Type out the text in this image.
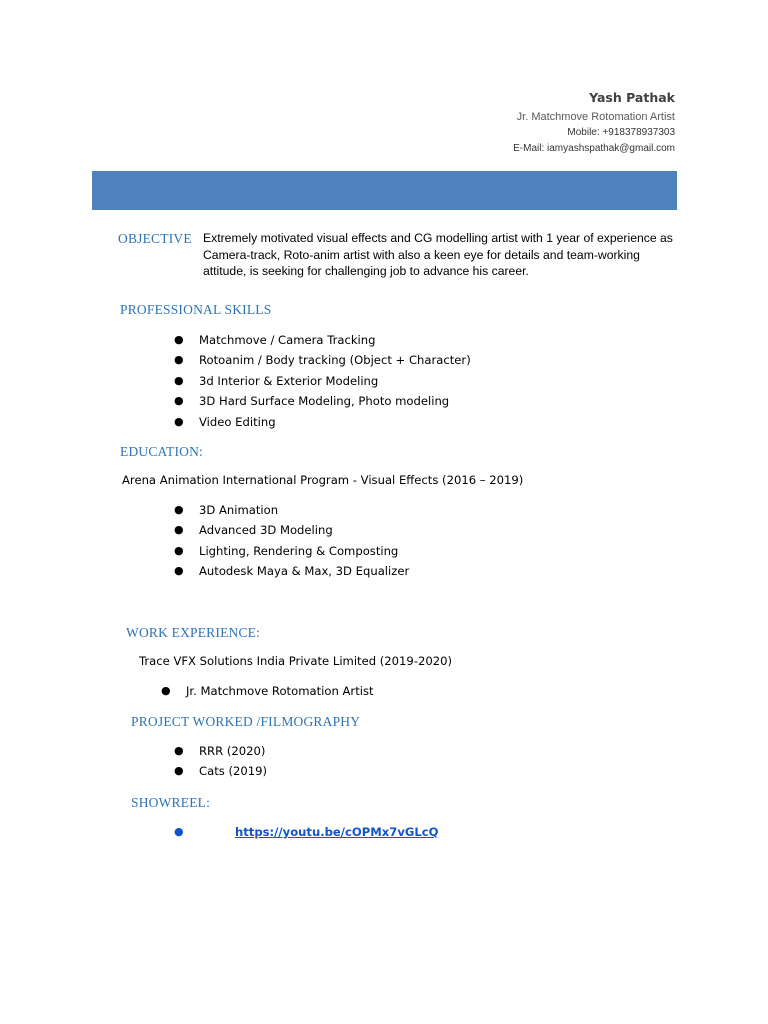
Yash Pathak
Jr. Matchmove Rotomation Artist
Mobile: +918378937303
E-Mail: iamyashspathak@gmail.com
OBJECTIVE Extremely motivated visual effects and CG modelling artist with 1 year of experience as Camera-track, Roto-anim artist with also a keen eye for details and team-working attitude, is seeking for challenging job to advance his career.
PROFESSIONAL SKILLS
● Matchmove / Camera Tracking
● Rotoanim / Body tracking (Object + Character)
● 3d Interior & Exterior Modeling
● 3D Hard Surface Modeling, Photo modeling
● Video Editing
EDUCATION:
Arena Animation International Program - Visual Effects (2016 – 2019)
● 3D Animation
● Advanced 3D Modeling
● Lighting, Rendering & Composting
● Autodesk Maya & Max, 3D Equalizer
WORK EXPERIENCE:
Trace VFX Solutions India Private Limited (2019-2020)
● Jr. Matchmove Rotomation Artist
PROJECT WORKED /FILMOGRAPHY
● RRR (2020)
● Cats (2019)
SHOWREEL:
●	https://youtu.be/cOPMx7vGLcQ
